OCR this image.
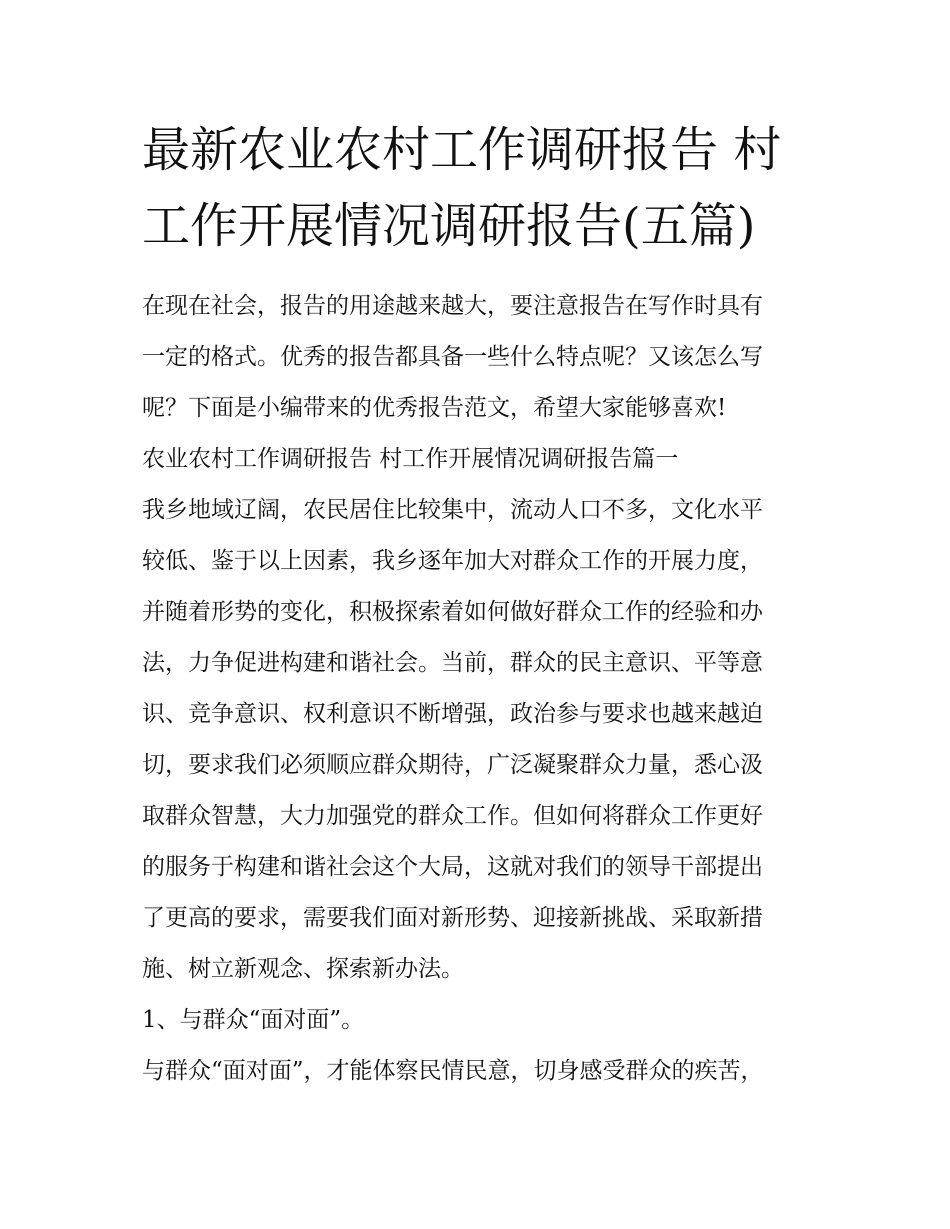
最新农业农村工作调研报告 村
工作开展情况调研报告(五篇)
在现在社会，报告的用途越来越大，要注意报告在写作时具有
一定的格式。优秀的报告都具备一些什么特点呢？又该怎么写
呢？下面是小编带来的优秀报告范文，希望大家能够喜欢!
农业农村工作调研报告 村工作开展情况调研报告篇一
我乡地域辽阔，农民居住比较集中，流动人口不多，文化水平
较低、鉴于以上因素，我乡逐年加大对群众工作的开展力度，
并随着形势的变化，积极探索着如何做好群众工作的经验和办
法，力争促进构建和谐社会。当前，群众的民主意识、平等意
识、竞争意识、权利意识不断增强，政治参与要求也越来越迫
切，要求我们必须顺应群众期待，广泛凝聚群众力量，悉心汲
取群众智慧，大力加强党的群众工作。但如何将群众工作更好
的服务于构建和谐社会这个大局，这就对我们的领导干部提出
了更高的要求，需要我们面对新形势、迎接新挑战、采取新措
施、树立新观念、探索新办法。
1、与群众“面对面”。
与群众“面对面”，才能体察民情民意，切身感受群众的疾苦，
